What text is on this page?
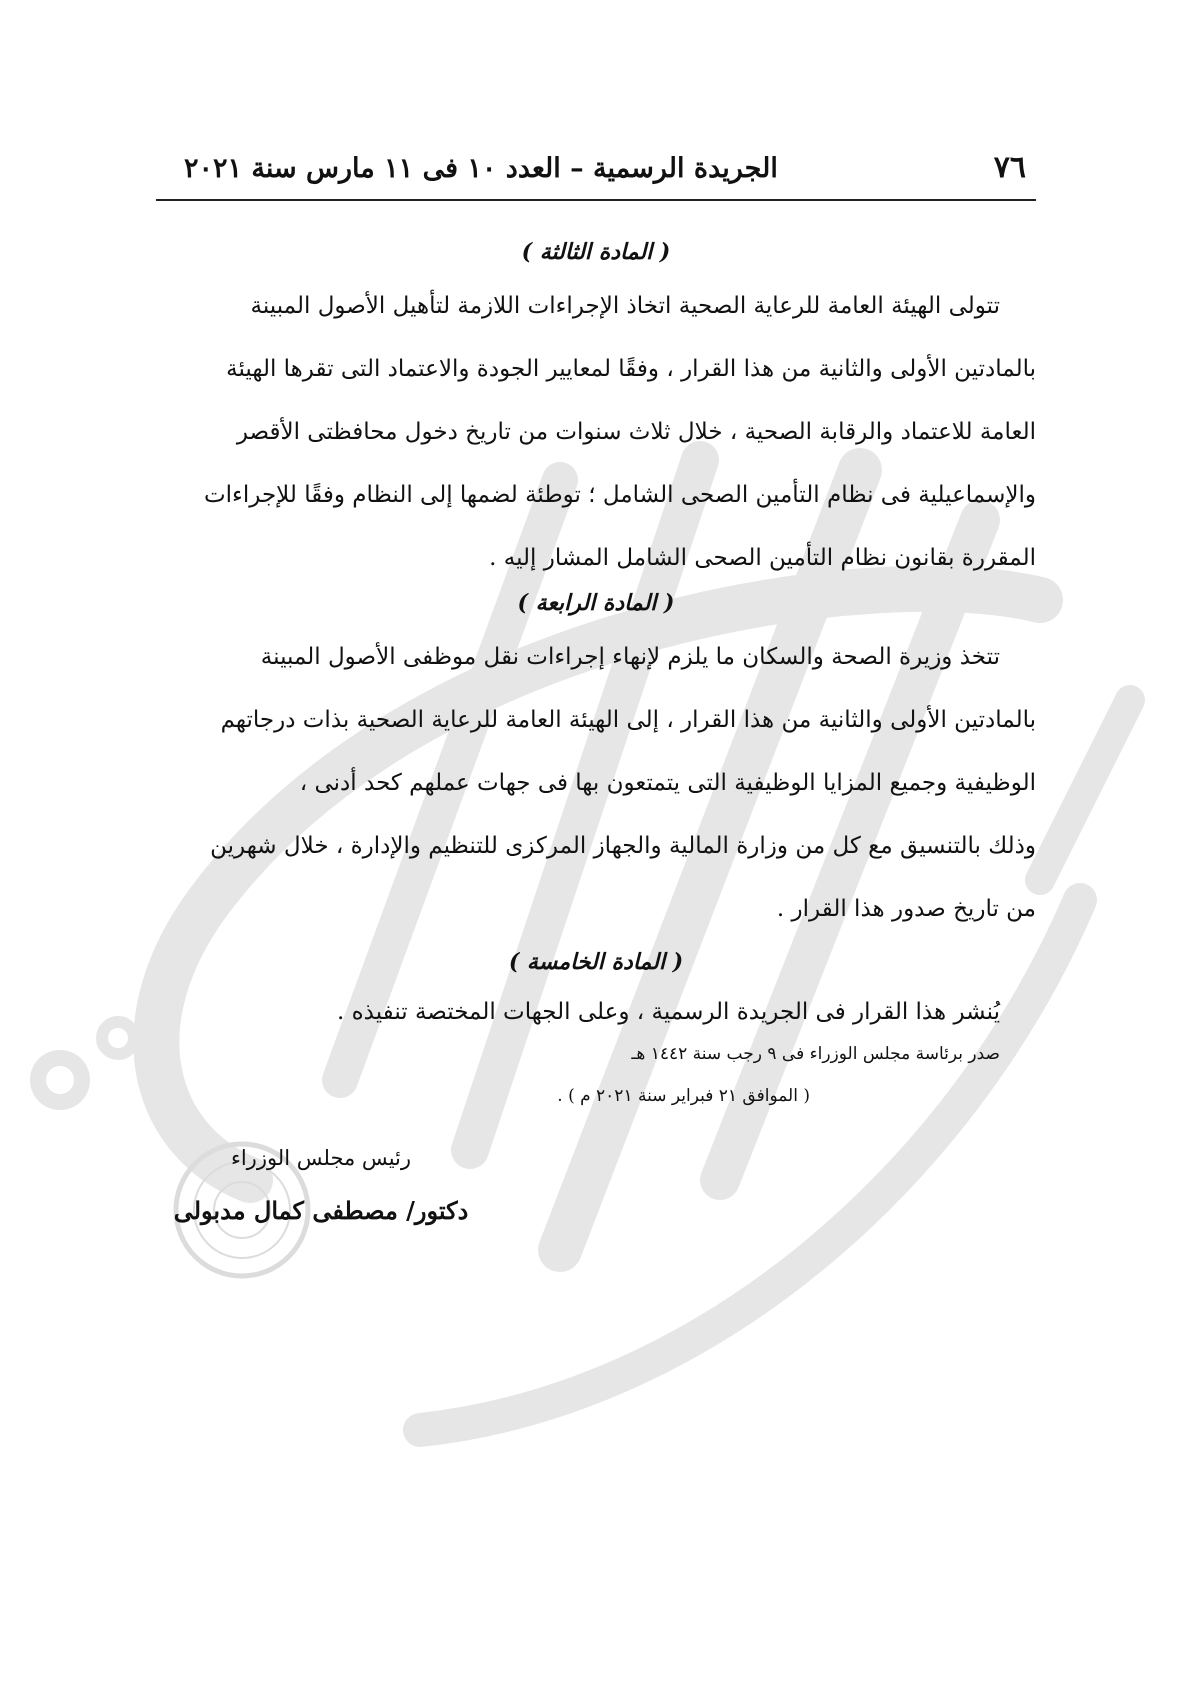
٧٦
الجريدة الرسمية – العدد ١٠ فى ١١ مارس سنة ٢٠٢١
( المادة الثالثة )

تتولى الهيئة العامة للرعاية الصحية اتخاذ الإجراءات اللازمة لتأهيل الأصول المبينة
بالمادتين الأولى والثانية من هذا القرار ، وفقًا لمعايير الجودة والاعتماد التى تقرها الهيئة
العامة للاعتماد والرقابة الصحية ، خلال ثلاث سنوات من تاريخ دخول محافظتى الأقصر
والإسماعيلية فى نظام التأمين الصحى الشامل ؛ توطئة لضمها إلى النظام وفقًا للإجراءات
المقررة بقانون نظام التأمين الصحى الشامل المشار إليه .

( المادة الرابعة )

تتخذ وزيرة الصحة والسكان ما يلزم لإنهاء إجراءات نقل موظفى الأصول المبينة
بالمادتين الأولى والثانية من هذا القرار ، إلى الهيئة العامة للرعاية الصحية بذات درجاتهم
الوظيفية وجميع المزايا الوظيفية التى يتمتعون بها فى جهات عملهم كحد أدنى ،
وذلك بالتنسيق مع كل من وزارة المالية والجهاز المركزى للتنظيم والإدارة ، خلال شهرين
من تاريخ صدور هذا القرار .

( المادة الخامسة )

يُنشر هذا القرار فى الجريدة الرسمية ، وعلى الجهات المختصة تنفيذه .

صدر برئاسة مجلس الوزراء فى ٩ رجب سنة ١٤٤٢ هـ

( الموافق ٢١ فبراير سنة ٢٠٢١ م ) .

رئيس مجلس الوزراء

دكتور/ مصطفى كمال مدبولى
